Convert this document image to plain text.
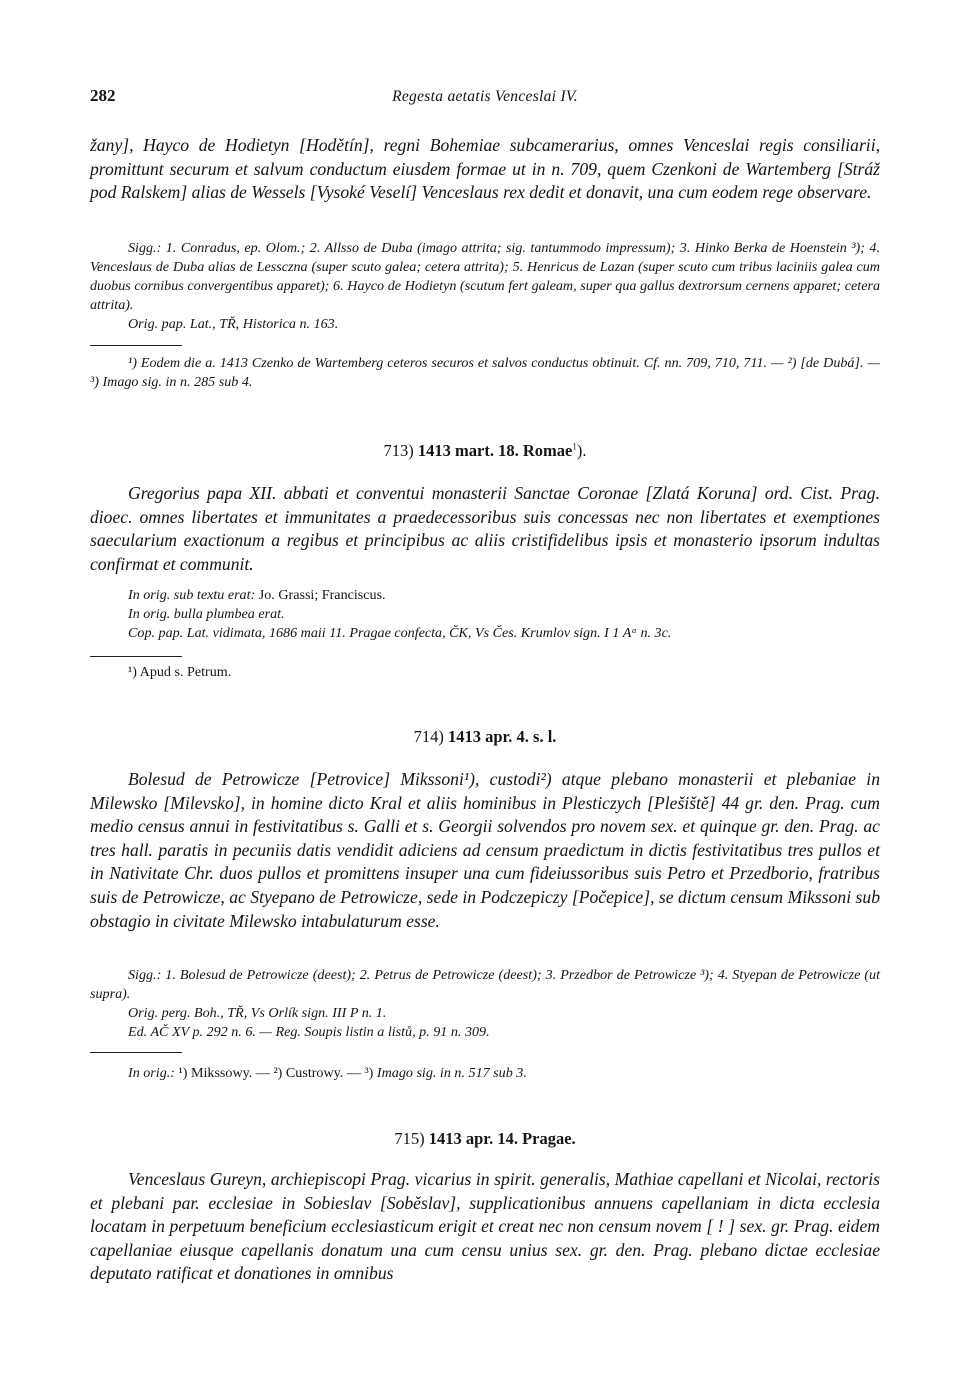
282	Regesta aetatis Venceslai IV.
žany], Hayco de Hodietyn [Hodětín], regni Bohemiae subcamerarius, omnes Venceslai regis consiliarii, promittunt securum et salvum conductum eiusdem formae ut in n. 709, quem Czenkoni de Wartemberg [Stráž pod Ralskem] alias de Wessels [Vysoké Veselí] Venceslaus rex dedit et donavit, una cum eodem rege observare.

Sigg.: 1. Conradus, ep. Olom.; 2. Allsso de Duba (imago attrita; sig. tantummodo impressum); 3. Hinko Berka de Hoenstein ³); 4. Venceslaus de Duba alias de Lessczna (super scuto galea; cetera attrita); 5. Henricus de Lazan (super scuto cum tribus laciniis galea cum duobus cornibus convergentibus apparet); 6. Hayco de Hodietyn (scutum fert galeam, super qua gallus dextrorsum cernens apparet; cetera attrita).

Orig. pap. Lat., TŘ, Historica n. 163.

¹) Eodem die a. 1413 Czenko de Wartemberg ceteros securos et salvos conductus obtinuit. Cf. nn. 709, 710, 711. — ²) [de Dubá]. — ³) Imago sig. in n. 285 sub 4.

713) 1413 mart. 18. Romae$^1$).
Gregorius papa XII. abbati et conventui monasterii Sanctae Coronae [Zlatá Koruna] ord. Cist. Prag. dioec. omnes libertates et immunitates a praedecessoribus suis concessas nec non libertates et exemptiones saecularium exactionum a regibus et principibus ac aliis cristifidelibus ipsis et monasterio ipsorum indultas confirmat et communit.

In orig. sub textu erat: Jo. Grassi; Franciscus.

In orig. bulla plumbea erat.

Cop. pap. Lat. vidimata, 1686 maii 11. Pragae confecta, ČK, Vs Čes. Krumlov sign. I 1 Aᵅ n. 3c.

¹) Apud s. Petrum.

714) 1413 apr. 4. s. l.
Bolesud de Petrowicze [Petrovice] Mikssoni¹), custodi²) atque plebano monasterii et plebaniae in Milewsko [Milevsko], in homine dicto Kral et aliis hominibus in Plesticzych [Plešiště] 44 gr. den. Prag. cum medio census annui in festivitatibus s. Galli et s. Georgii solvendos pro novem sex. et quinque gr. den. Prag. ac tres hall. paratis in pecuniis datis vendidit adiciens ad censum praedictum in dictis festivitatibus tres pullos et in Nativitate Chr. duos pullos et promittens insuper una cum fideiussoribus suis Petro et Przedborio, fratribus suis de Petrowicze, ac Styepano de Petrowicze, sede in Podczepiczy [Počepice], se dictum censum Mikssoni sub obstagio in civitate Milewsko intabulaturum esse.

Sigg.: 1. Bolesud de Petrowicze (deest); 2. Petrus de Petrowicze (deest); 3. Przedbor de Petrowicze ³); 4. Styepan de Petrowicze (ut supra).

Orig. perg. Boh., TŘ, Vs Orlík sign. III P n. 1.

Ed. AČ XV p. 292 n. 6. — Reg. Soupis listin a listů, p. 91 n. 309.

In orig.: ¹) Mikssowy. — ²) Custrowy. — ³) Imago sig. in n. 517 sub 3.

715) 1413 apr. 14. Pragae.
Venceslaus Gureyn, archiepiscopi Prag. vicarius in spirit. generalis, Mathiae capellani et Nicolai, rectoris et plebani par. ecclesiae in Sobieslav [Soběslav], supplicationibus annuens capellaniam in dicta ecclesia locatam in perpetuum beneficium ecclesiasticum erigit et creat nec non censum novem [ ! ] sex. gr. Prag. eidem capellaniae eiusque capellanis donatum una cum censu unius sex. gr. den. Prag. plebano dictae ecclesiae deputato ratificat et donationes in omnibus
